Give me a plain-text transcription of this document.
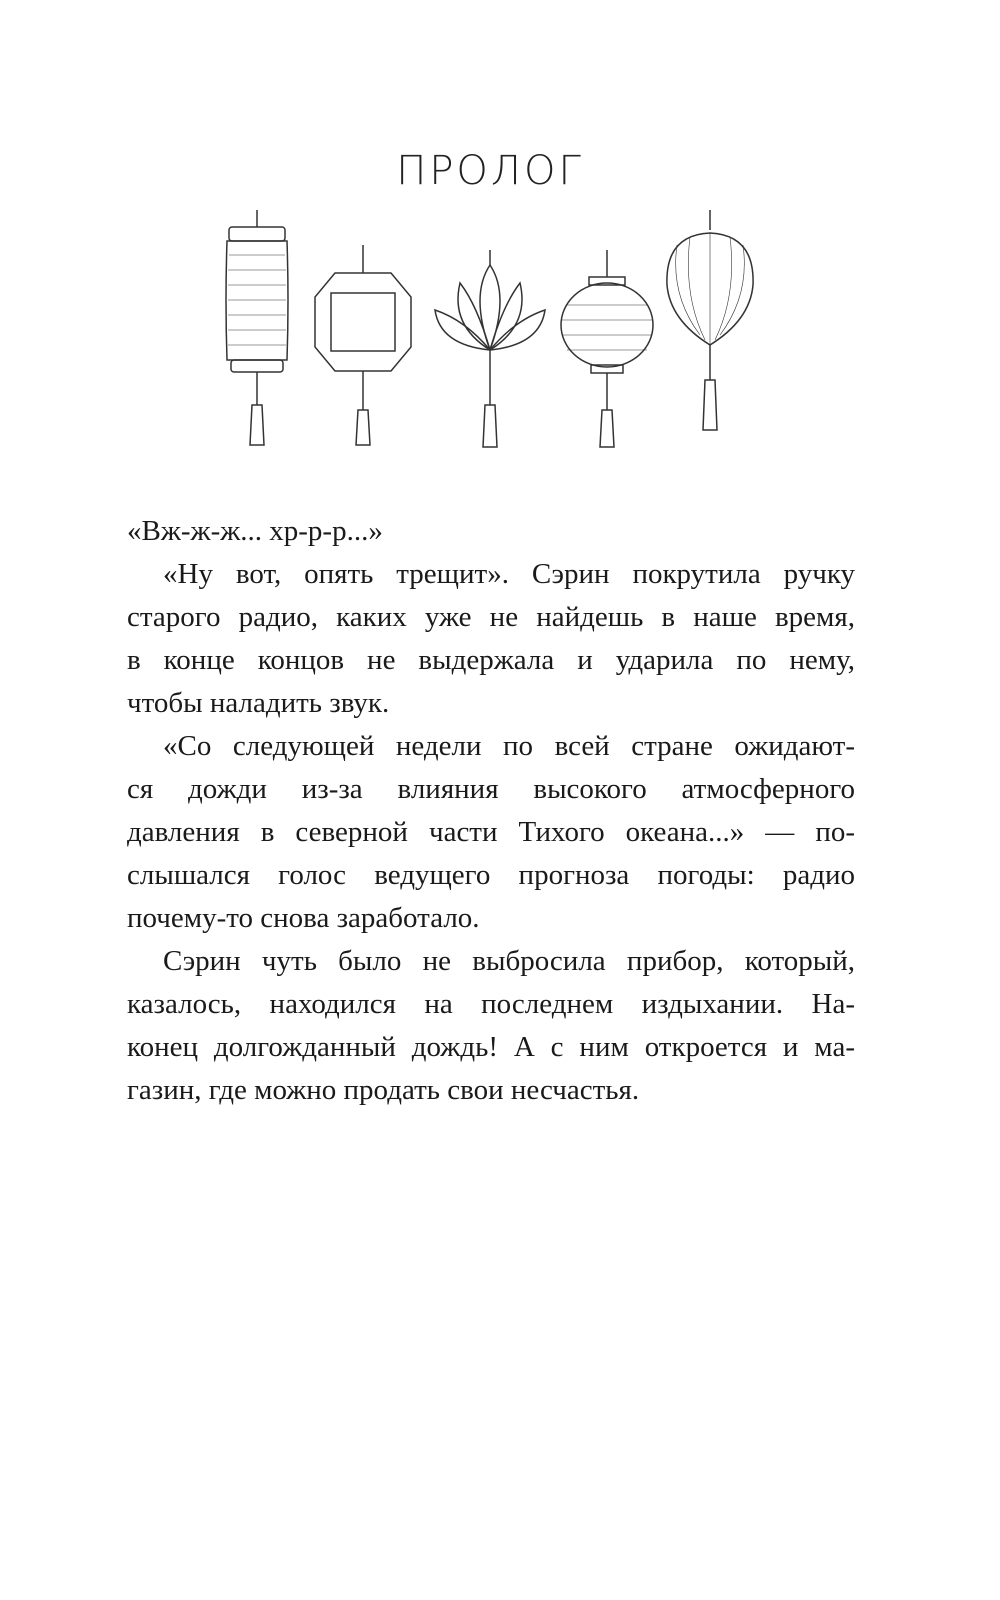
ПРОЛОГ
«Вж-ж-ж... хр-р-р...»
«Ну вот, опять трещит». Сэрин покрутила ручку
старого радио, каких уже не найдешь в наше время,
в конце концов не выдержала и ударила по нему,
чтобы наладить звук.
«Со следующей недели по всей стране ожидают-
ся дожди из-за влияния высокого атмосферного
давления в северной части Тихого океана...» — по-
слышался голос ведущего прогноза погоды: радио
почему-то снова заработало.
Сэрин чуть было не выбросила прибор, который,
казалось, находился на последнем издыхании. На-
конец долгожданный дождь! А с ним откроется и ма-
газин, где можно продать свои несчастья.
